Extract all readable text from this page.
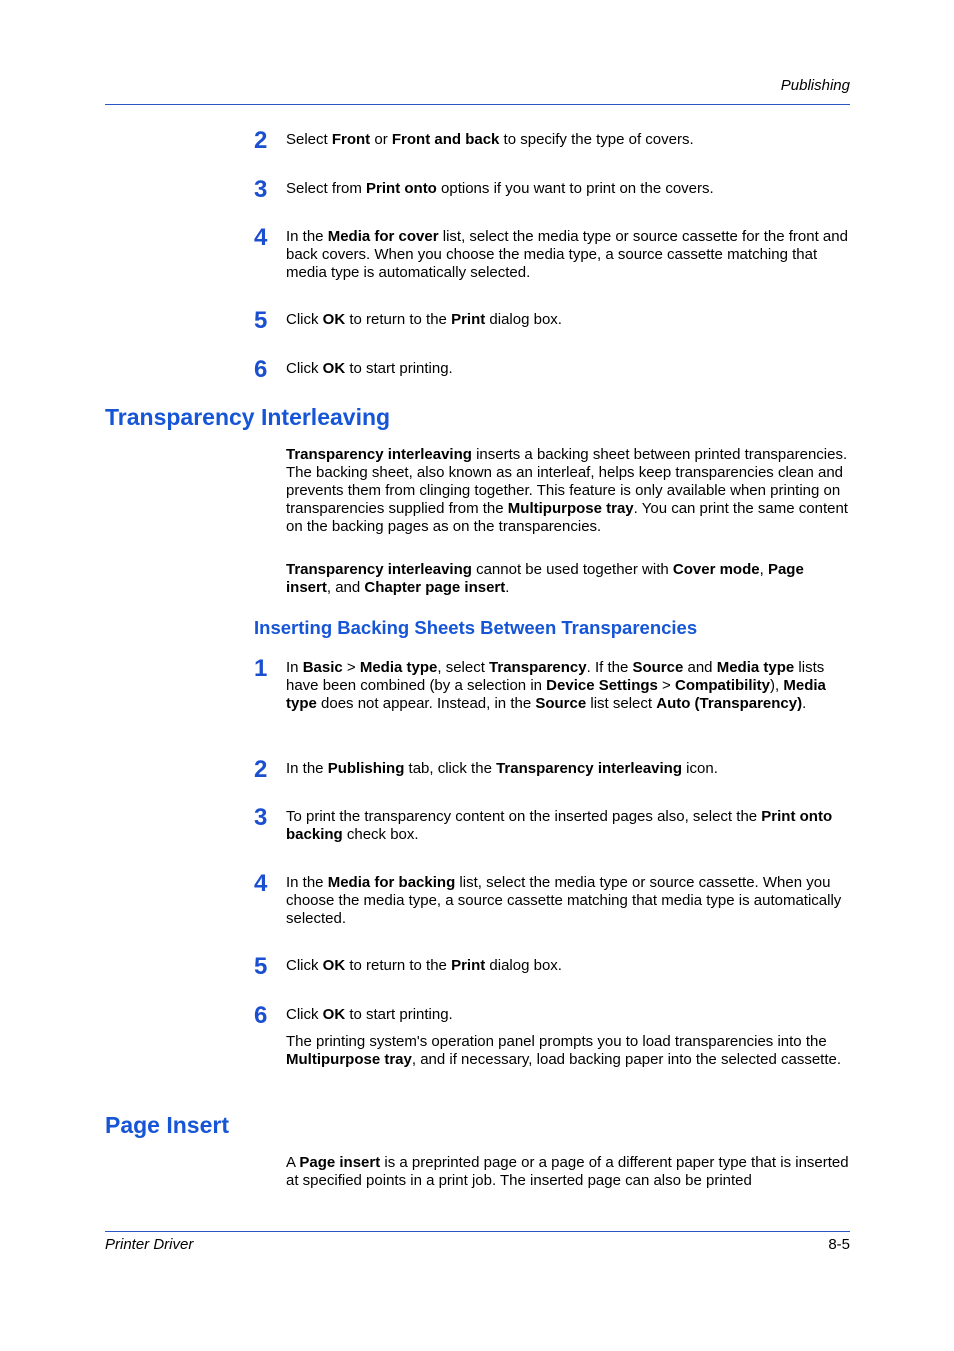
Publishing
2	Select Front or Front and back to specify the type of covers.
3	Select from Print onto options if you want to print on the covers.
4	In the Media for cover list, select the media type or source cassette for the front and back covers. When you choose the media type, a source cassette matching that media type is automatically selected.
5	Click OK to return to the Print dialog box.
6	Click OK to start printing.
Transparency Interleaving
Transparency interleaving inserts a backing sheet between printed transparencies. The backing sheet, also known as an interleaf, helps keep transparencies clean and prevents them from clinging together. This feature is only available when printing on transparencies supplied from the Multipurpose tray. You can print the same content on the backing pages as on the transparencies.
Transparency interleaving cannot be used together with Cover mode, Page insert, and Chapter page insert.
Inserting Backing Sheets Between Transparencies
1	In Basic > Media type, select Transparency. If the Source and Media type lists have been combined (by a selection in Device Settings > Compatibility), Media type does not appear. Instead, in the Source list select Auto (Transparency).
2	In the Publishing tab, click the Transparency interleaving icon.
3	To print the transparency content on the inserted pages also, select the Print onto backing check box.
4	In the Media for backing list, select the media type or source cassette. When you choose the media type, a source cassette matching that media type is automatically selected.
5	Click OK to return to the Print dialog box.
6	Click OK to start printing.
The printing system's operation panel prompts you to load transparencies into the Multipurpose tray, and if necessary, load backing paper into the selected cassette.
Page Insert
A Page insert is a preprinted page or a page of a different paper type that is inserted at specified points in a print job. The inserted page can also be printed
Printer Driver	8-5
